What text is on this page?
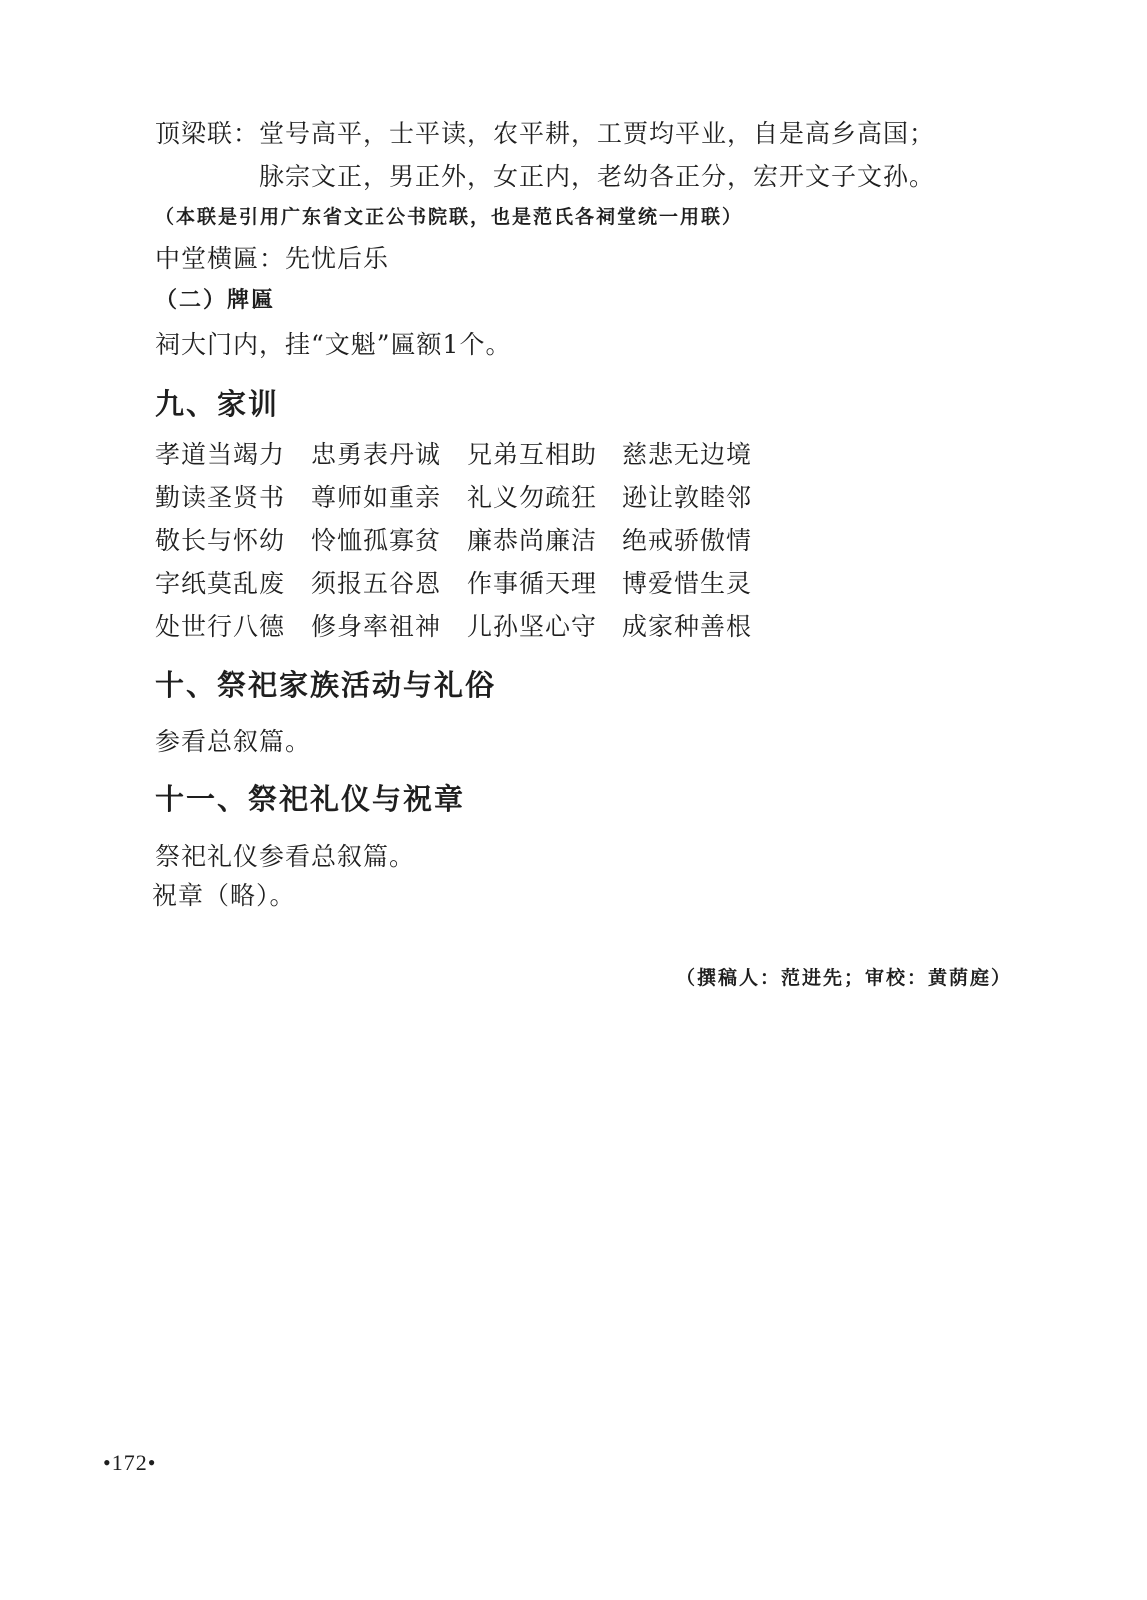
顶梁联：堂号高平，士平读，农平耕，工贾均平业，自是高乡高国；
脉宗文正，男正外，女正内，老幼各正分，宏开文子文孙。
（本联是引用广东省文正公书院联，也是范氏各祠堂统一用联）
中堂横匾：先忧后乐
（二）牌匾
祠大门内，挂“文魁”匾额1个。
九、家训
孝道当竭力 忠勇表丹诚 兄弟互相助 慈悲无边境
勤读圣贤书 尊师如重亲 礼义勿疏狂 逊让敦睦邻
敬长与怀幼 怜恤孤寡贫 廉恭尚廉洁 绝戒骄傲情
字纸莫乱废 须报五谷恩 作事循天理 博爱惜生灵
处世行八德 修身率祖神 儿孙坚心守 成家种善根
十、祭祀家族活动与礼俗
参看总叙篇。
十一、祭祀礼仪与祝章
祭祀礼仪参看总叙篇。
祝章（略）。
（撰稿人：范进先；审校：黄荫庭）
•172•
